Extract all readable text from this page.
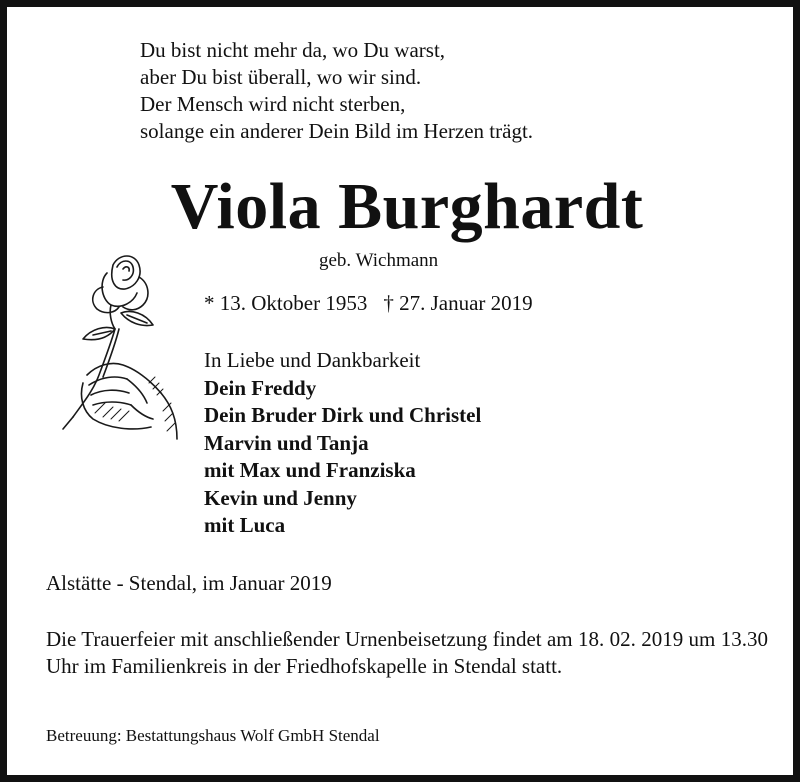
Du bist nicht mehr da, wo Du warst,
aber Du bist überall, wo wir sind.
Der Mensch wird nicht sterben,
solange ein anderer Dein Bild im Herzen trägt.
Viola Burghardt
geb. Wichmann
* 13. Oktober 1953 † 27. Januar 2019
In Liebe und Dankbarkeit
Dein Freddy
Dein Bruder Dirk und Christel
Marvin und Tanja
mit Max und Franziska
Kevin und Jenny
mit Luca
Alstätte - Stendal, im Januar 2019
Die Trauerfeier mit anschließender Urnenbeisetzung findet am 18. 02. 2019 um 13.30 Uhr im Familienkreis in der Friedhofskapelle in Stendal statt.
Betreuung: Bestattungshaus Wolf GmbH Stendal
